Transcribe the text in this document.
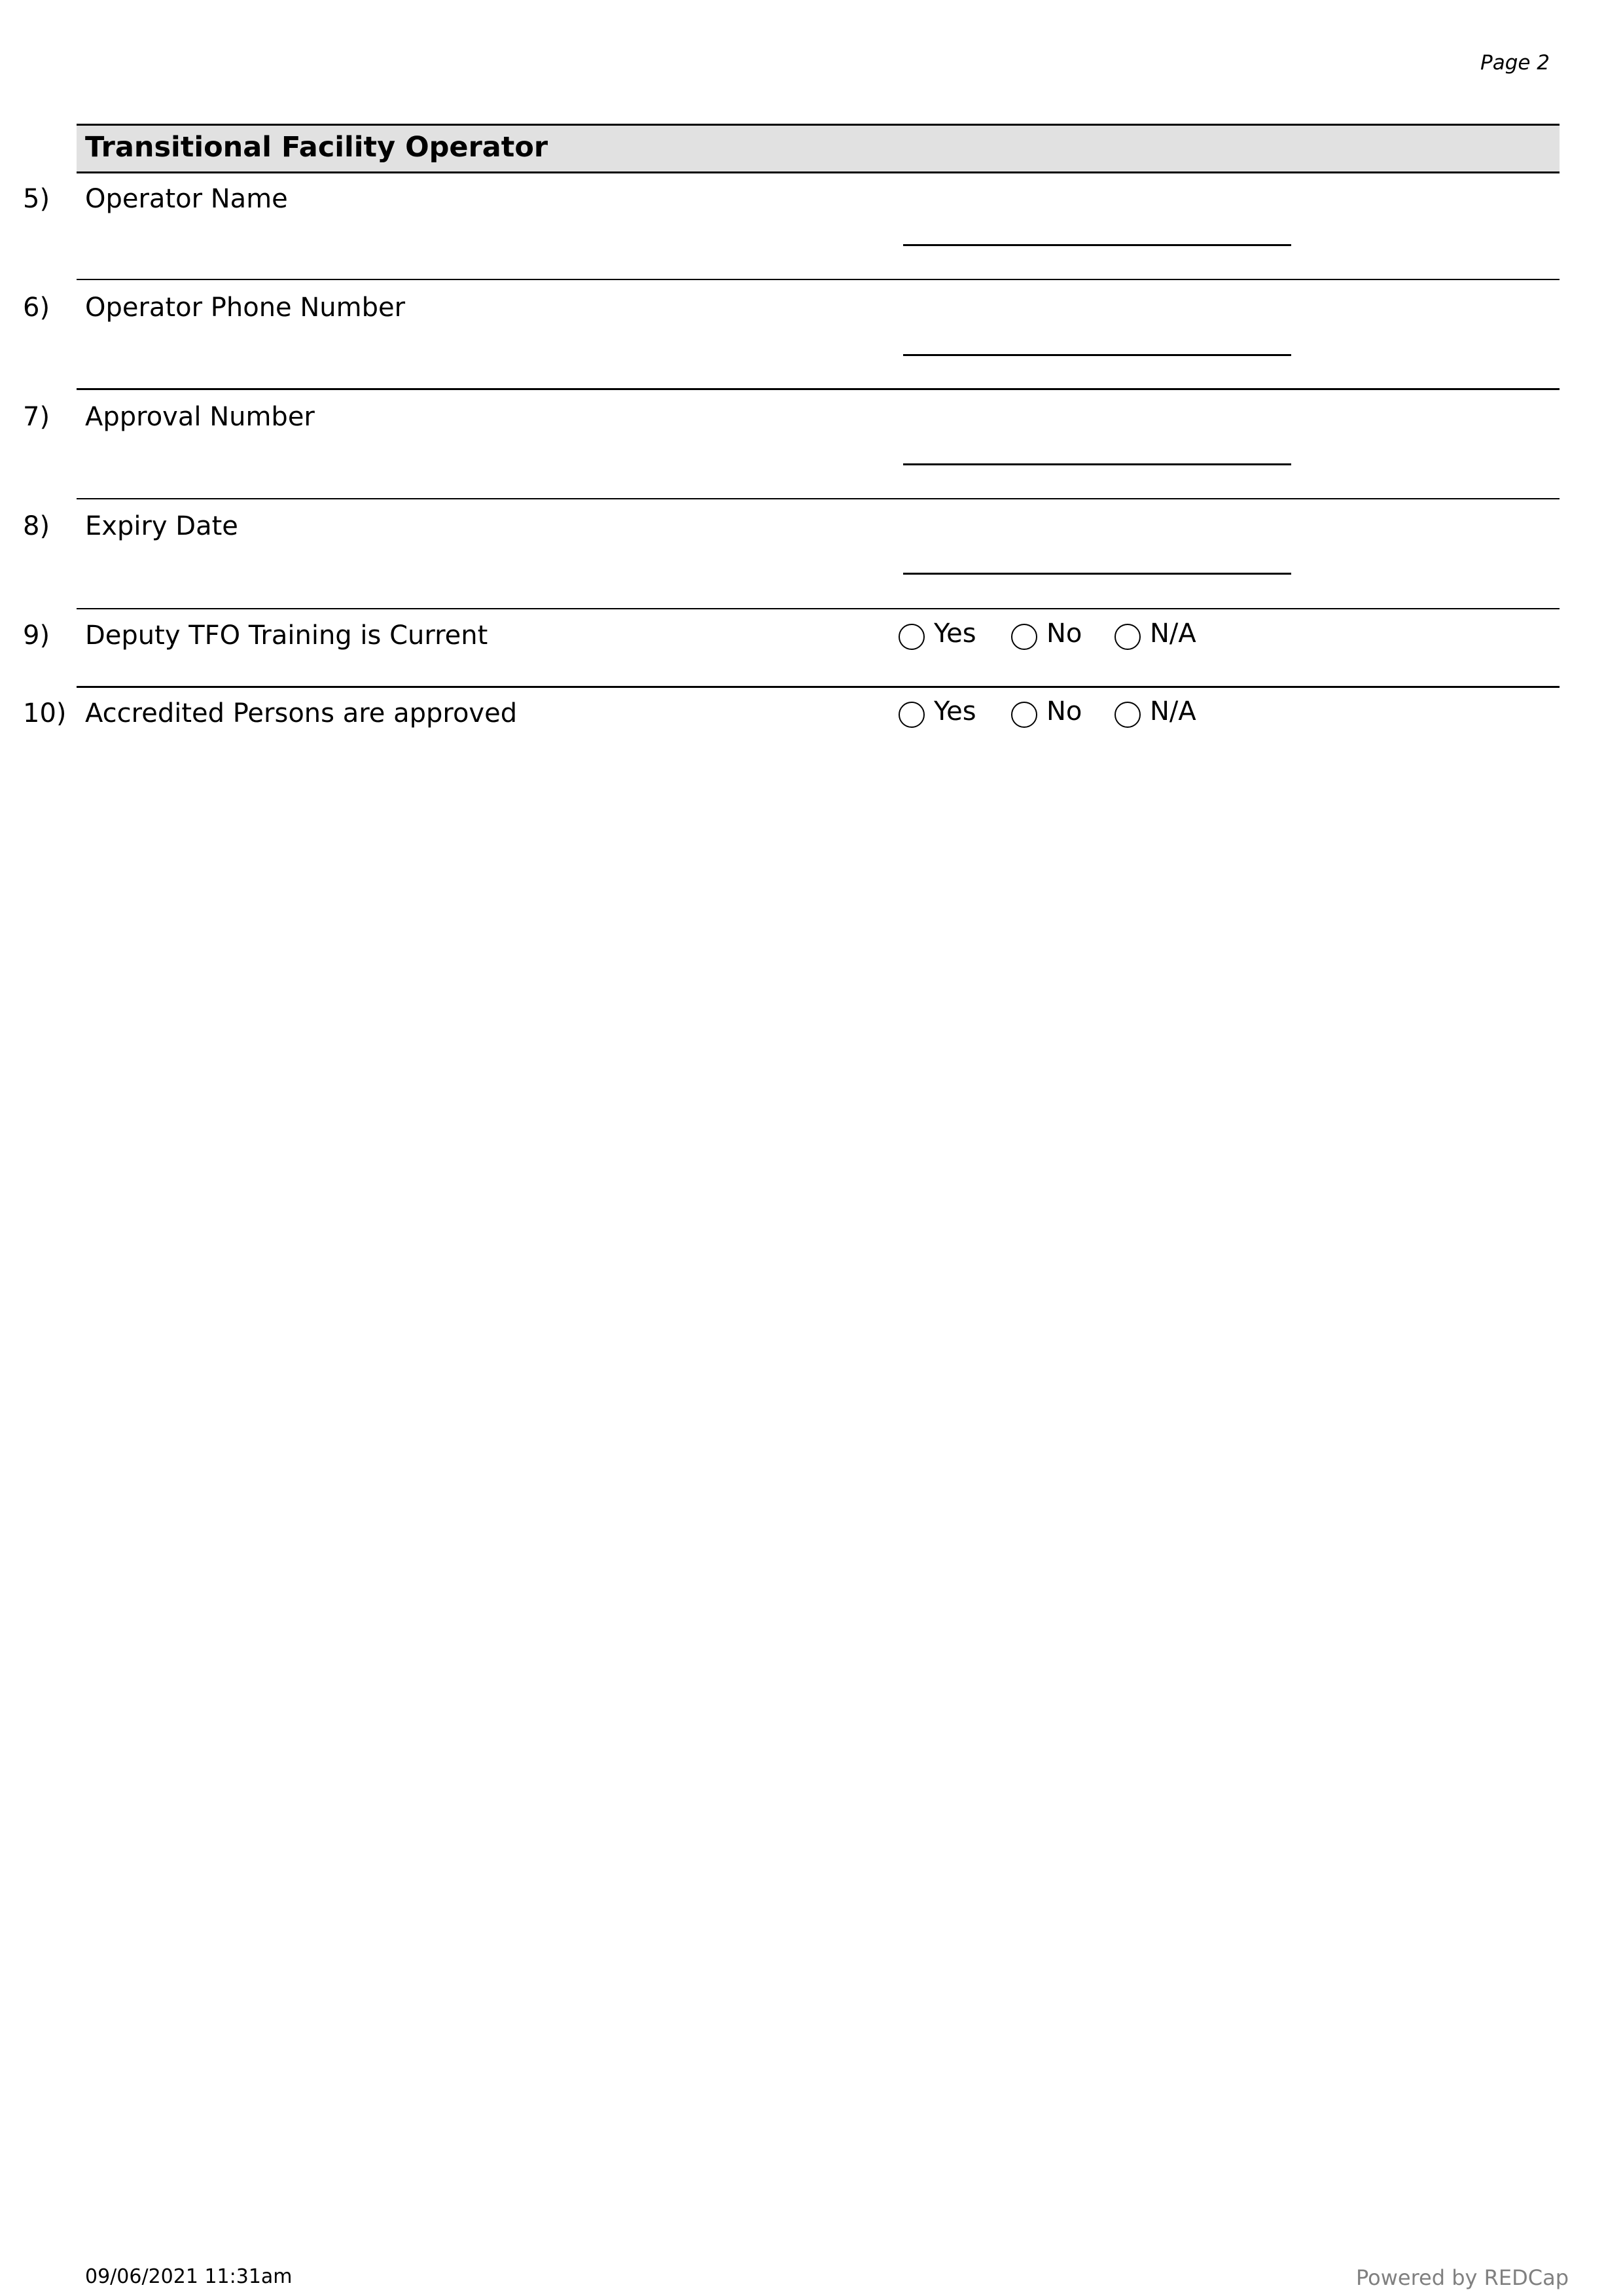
Page 2
Transitional Facility Operator
5) Operator Name
6) Operator Phone Number
7) Approval Number
8) Expiry Date
9) Deputy TFO Training is Current	Yes	No	N/A
10) Accredited Persons are approved	Yes	No	N/A
09/06/2021 11:31am	Powered by REDCap
